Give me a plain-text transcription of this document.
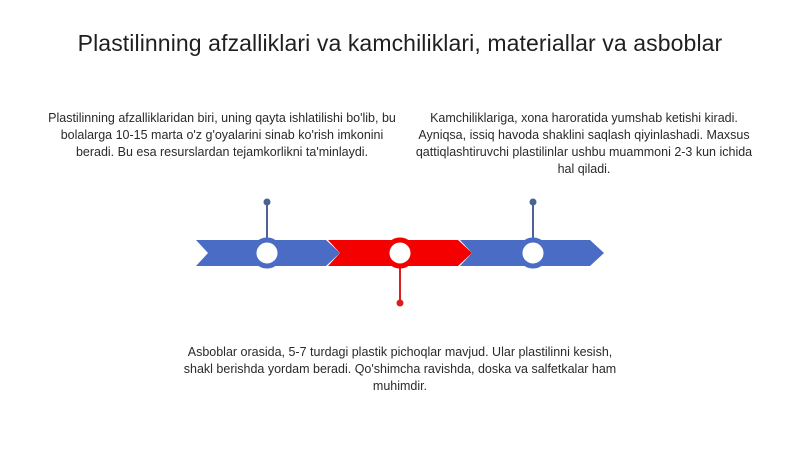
Plastilinning afzalliklari va kamchiliklari, materiallar va asboblar
Plastilinning afzalliklaridan biri, uning qayta ishlatilishi bo'lib, bu bolalarga 10-15 marta o'z g'oyalarini sinab ko'rish imkonini beradi. Bu esa resurslardan tejamkorlikni ta'minlaydi.
Kamchiliklariga, xona haroratida yumshab ketishi kiradi. Ayniqsa, issiq havoda shaklini saqlash qiyinlashadi. Maxsus qattiqlashtiruvchi plastilinlar ushbu muammoni 2-3 kun ichida hal qiladi.
Asboblar orasida, 5-7 turdagi plastik pichoqlar mavjud. Ular plastilinni kesish, shakl berishda yordam beradi. Qo'shimcha ravishda, doska va salfetkalar ham muhimdir.
